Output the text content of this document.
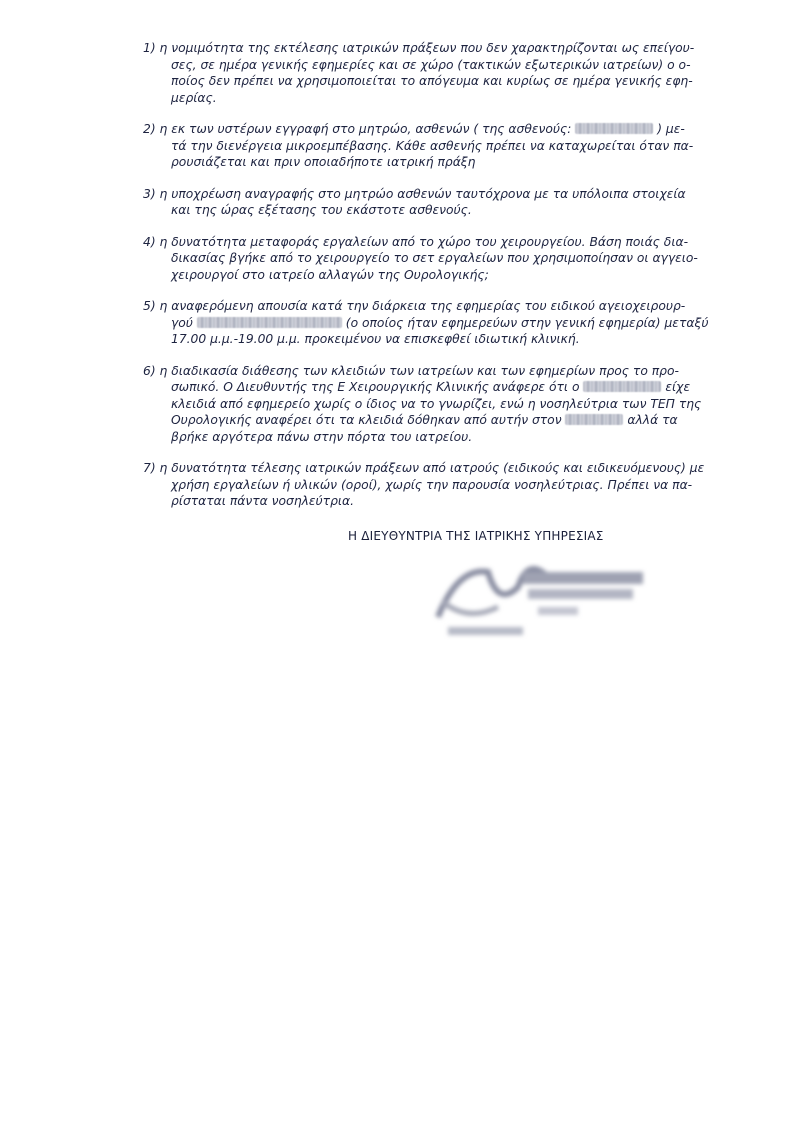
1) η νομιμότητα της εκτέλεσης ιατρικών πράξεων που δεν χαρακτηρίζονται ως επείγου-
σες, σε ημέρα γενικής εφημερίες και σε χώρο (τακτικών εξωτερικών ιατρείων) ο ο-
ποίος δεν πρέπει να χρησιμοποιείται το απόγευμα και κυρίως σε ημέρα γενικής εφη-
μερίας.
2) η εκ των υστέρων εγγραφή στο μητρώο, ασθενών ( της ασθενούς:	) με-
τά την διενέργεια μικροεμπέβασης. Κάθε ασθενής πρέπει να καταχωρείται όταν πα-
ρουσιάζεται και πριν οποιαδήποτε ιατρική πράξη
3) η υποχρέωση αναγραφής στο μητρώο ασθενών ταυτόχρονα με τα υπόλοιπα στοιχεία
και της ώρας εξέτασης του εκάστοτε ασθενούς.
4) η δυνατότητα μεταφοράς εργαλείων από το χώρο του χειρουργείου. Βάση ποιάς δια-
δικασίας βγήκε από το χειρουργείο το σετ εργαλείων που χρησιμοποίησαν οι αγγειο-
χειρουργοί στο ιατρείο αλλαγών της Ουρολογικής;
5) η αναφερόμενη απουσία κατά την διάρκεια της εφημερίας του ειδικού αγειοχειρουρ-
γού	(ο οποίος ήταν εφημερεύων στην γενική εφημερία) μεταξύ
17.00 μ.μ.-19.00 μ.μ. προκειμένου να επισκεφθεί ιδιωτική κλινική.
6) η διαδικασία διάθεσης των κλειδιών των ιατρείων και των εφημερίων προς το προ-
σωπικό. Ο Διευθυντής της Ε Χειρουργικής Κλινικής ανάφερε ότι ο	είχε
κλειδιά από εφημερείο χωρίς ο ίδιος να το γνωρίζει, ενώ η νοσηλεύτρια των ΤΕΠ της
Ουρολογικής αναφέρει ότι τα κλειδιά δόθηκαν από αυτήν στον	αλλά τα
βρήκε αργότερα πάνω στην πόρτα του ιατρείου.
7) η δυνατότητα τέλεσης ιατρικών πράξεων από ιατρούς (ειδικούς και ειδικευόμενους) με
χρήση εργαλείων ή υλικών (οροί), χωρίς την παρουσία νοσηλεύτριας. Πρέπει να πα-
ρίσταται πάντα νοσηλεύτρια.
Η ΔΙΕΥΘΥΝΤΡΙΑ ΤΗΣ ΙΑΤΡΙΚΗΣ ΥΠΗΡΕΣΙΑΣ
